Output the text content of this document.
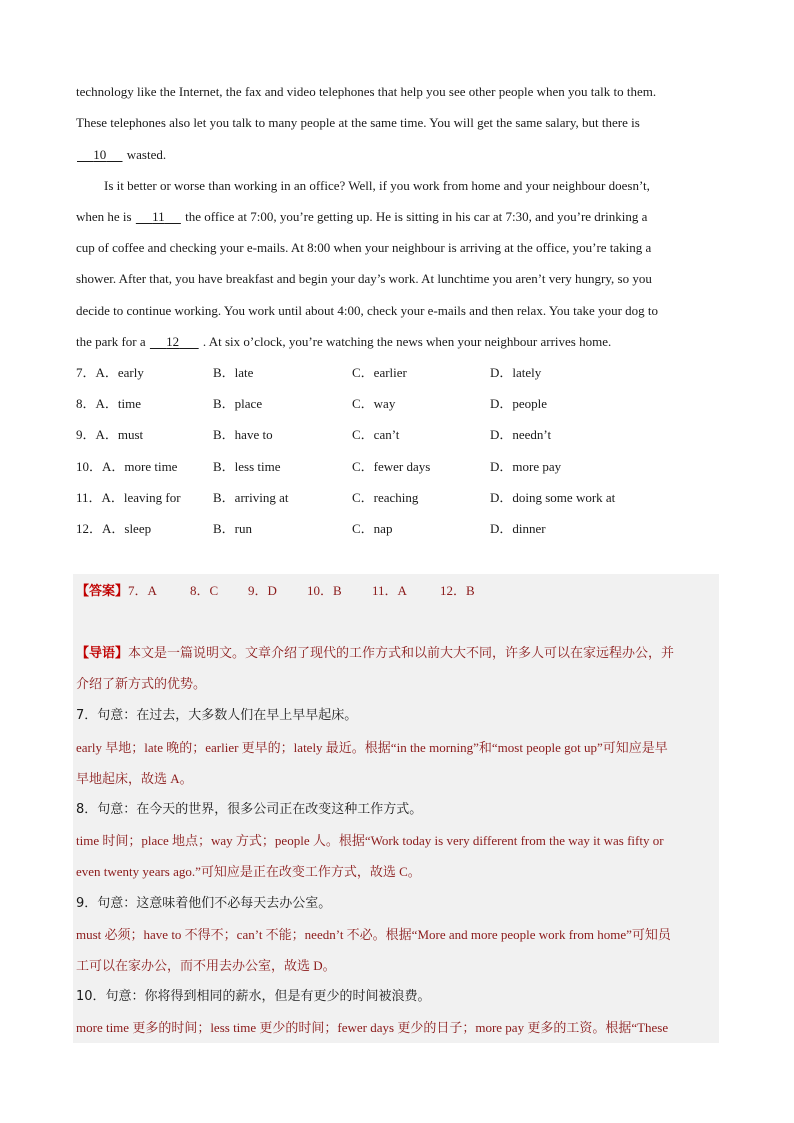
technology like the Internet, the fax and video telephones that help you see other people when you talk to them.
These telephones also let you talk to many people at the same time. You will get the same salary, but there is
10      wasted.
Is it better or worse than working in an office? Well, if you work from home and your neighbour doesn’t,
when he is      11      the office at 7:00, you’re getting up. He is sitting in his car at 7:30, and you’re drinking a
cup of coffee and checking your e-mails. At 8:00 when your neighbour is arriving at the office, you’re taking a
shower. After that, you have breakfast and begin your day’s work. At lunchtime you aren’t very hungry, so you
decide to continue working. You work until about 4:00, check your e-mails and then relax. You take your dog to
the park for a      12       . At six o’clock, you’re watching the news when your neighbour arrives home.
7．A．early	B．late	C．earlier	D．lately
8．A．time	B．place	C．way	D．people
9．A．must	B．have to	C．can’t	D．needn’t
10．A．more time	B．less time	C．fewer days	D．more pay
11．A．leaving for B．arriving at	C．reaching	D．doing some work at
12．A．sleep	B．run	C．nap	D．dinner
【答案】7．A	8．C 9．D 10．B 11．A	12．B
【导语】本文是一篇说明文。文章介绍了现代的工作方式和以前大大不同，许多人可以在家远程办公，并
介绍了新方式的优势。
7．句意：在过去，大多数人们在早上早早起床。
early 早地；late 晚的；earlier 更早的；lately 最近。根据“in the morning”和“most people got up”可知应是早
早地起床，故选 A。
8．句意：在今天的世界，很多公司正在改变这种工作方式。
time 时间；place 地点；way 方式；people 人。根据“Work today is very different from the way it was fifty or
even twenty years ago.”可知应是正在改变工作方式，故选 C。
9．句意：这意味着他们不必每天去办公室。
must 必须；have to 不得不；can’t 不能；needn’t 不必。根据“More and more people work from home”可知员
工可以在家办公，而不用去办公室，故选 D。
10．句意：你将得到相同的薪水，但是有更少的时间被浪费。
more time 更多的时间；less time 更少的时间；fewer days 更少的日子；more pay 更多的工资。根据“These
